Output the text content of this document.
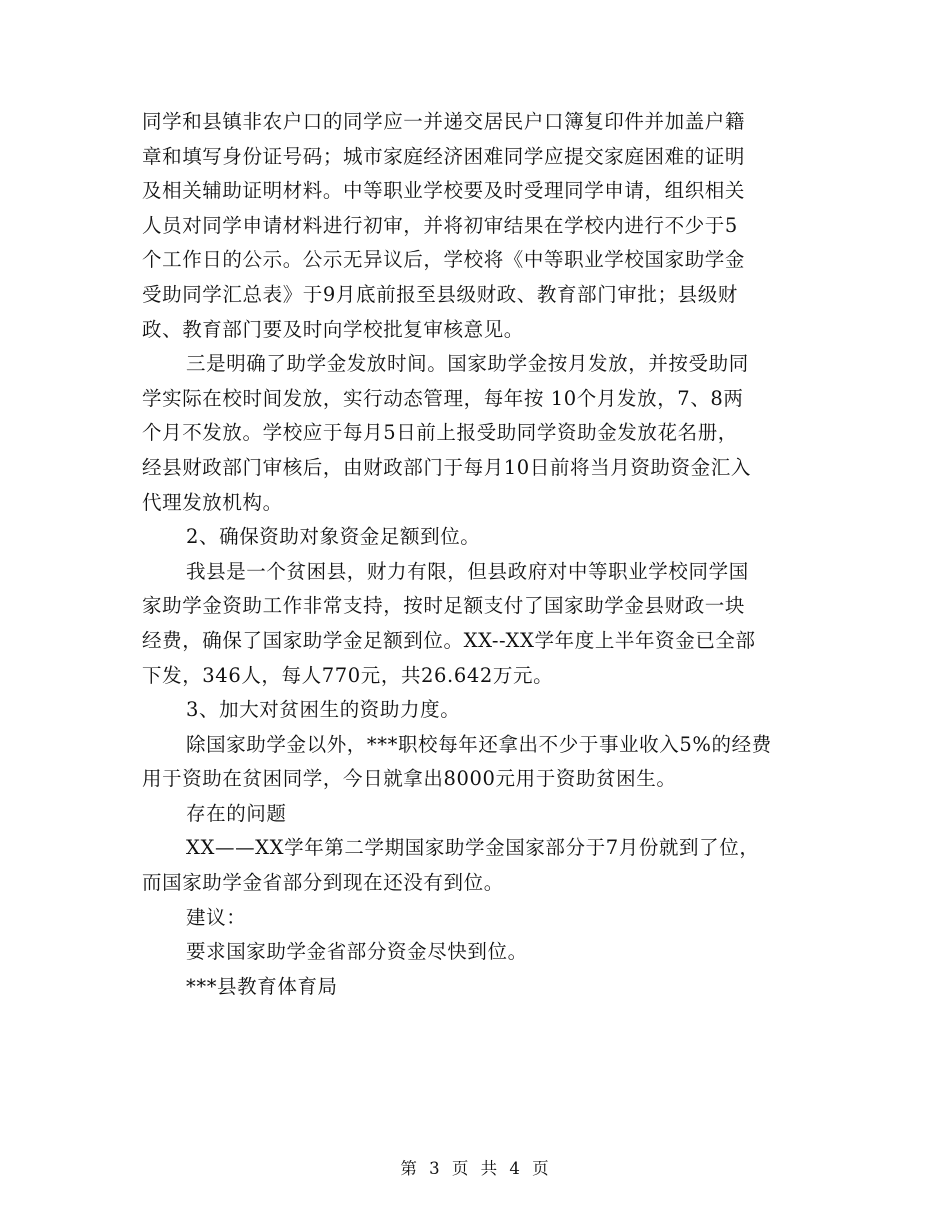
同学和县镇非农户口的同学应一并递交居民户口簿复印件并加盖户籍
章和填写身份证号码；城市家庭经济困难同学应提交家庭困难的证明
及相关辅助证明材料。中等职业学校要及时受理同学申请，组织相关
人员对同学申请材料进行初审，并将初审结果在学校内进行不少于5
个工作日的公示。公示无异议后，学校将《中等职业学校国家助学金
受助同学汇总表》于9月底前报至县级财政、教育部门审批；县级财
政、教育部门要及时向学校批复审核意见。
三是明确了助学金发放时间。国家助学金按月发放，并按受助同
学实际在校时间发放，实行动态管理，每年按 10个月发放，7、8两
个月不发放。学校应于每月5日前上报受助同学资助金发放花名册，
经县财政部门审核后，由财政部门于每月10日前将当月资助资金汇入
代理发放机构。
2、确保资助对象资金足额到位。
我县是一个贫困县，财力有限，但县政府对中等职业学校同学国
家助学金资助工作非常支持，按时足额支付了国家助学金县财政一块
经费，确保了国家助学金足额到位。XX--XX学年度上半年资金已全部
下发，346人，每人770元，共26.642万元。
3、加大对贫困生的资助力度。
除国家助学金以外，***职校每年还拿出不少于事业收入5%的经费
用于资助在贫困同学，今日就拿出8000元用于资助贫困生。
存在的问题
XX——XX学年第二学期国家助学金国家部分于7月份就到了位，
而国家助学金省部分到现在还没有到位。
建议：
要求国家助学金省部分资金尽快到位。
***县教育体育局
第 3 页 共 4 页
